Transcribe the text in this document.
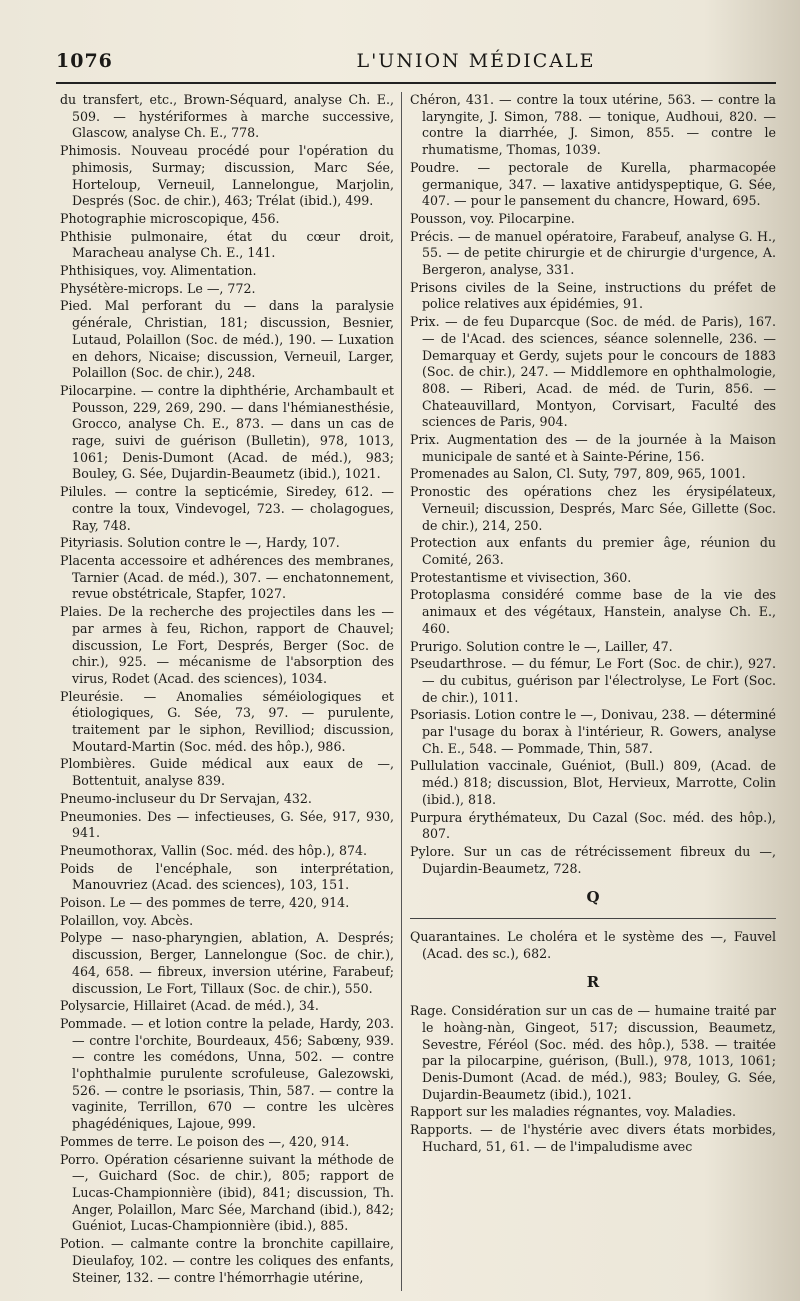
1076	L'UNION MÉDICALE

du transfert, etc., Brown-Séquard, analyse Ch. E., 509. — hystériformes à marche successive, Glascow, analyse Ch. E., 778.

Phimosis. Nouveau procédé pour l'opération du phimosis, Surmay; discussion, Marc Sée, Horteloup, Verneuil, Lannelongue, Marjolin, Després (Soc. de chir.), 463; Trélat (ibid.), 499.

Photographie microscopique, 456.

Phthisie pulmonaire, état du cœur droit, Maracheau analyse Ch. E., 141.

Phthisiques, voy. Alimentation.

Physétère-microps. Le —, 772.

Pied. Mal perforant du — dans la paralysie générale, Christian, 181; discussion, Besnier, Lutaud, Polaillon (Soc. de méd.), 190. — Luxation en dehors, Nicaise; discussion, Verneuil, Larger, Polaillon (Soc. de chir.), 248.

Pilocarpine. — contre la diphthérie, Archambault et Pousson, 229, 269, 290. — dans l'hémianesthésie, Grocco, analyse Ch. E., 873. — dans un cas de rage, suivi de guérison (Bulletin), 978, 1013, 1061; Denis-Dumont (Acad. de méd.), 983; Bouley, G. Sée, Dujardin-Beaumetz (ibid.), 1021.

Pilules. — contre la septicémie, Siredey, 612. — contre la toux, Vindevogel, 723. — cholagogues, Ray, 748.

Pityriasis. Solution contre le —, Hardy, 107.

Placenta accessoire et adhérences des membranes, Tarnier (Acad. de méd.), 307. — enchatonnement, revue obstétricale, Stapfer, 1027.

Plaies. De la recherche des projectiles dans les — par armes à feu, Richon, rapport de Chauvel; discussion, Le Fort, Després, Berger (Soc. de chir.), 925. — mécanisme de l'absorption des virus, Rodet (Acad. des sciences), 1034.

Pleurésie. — Anomalies séméiologiques et étiologiques, G. Sée, 73, 97. — purulente, traitement par le siphon, Revilliod; discussion, Moutard-Martin (Soc. méd. des hôp.), 986.

Plombières. Guide médical aux eaux de —, Bottentuit, analyse 839.

Pneumo-incluseur du Dr Servajan, 432.

Pneumonies. Des — infectieuses, G. Sée, 917, 930, 941.

Pneumothorax, Vallin (Soc. méd. des hôp.), 874.

Poids de l'encéphale, son interprétation, Manouvriez (Acad. des sciences), 103, 151.

Poison. Le — des pommes de terre, 420, 914.

Polaillon, voy. Abcès.

Polype — naso-pharyngien, ablation, A. Després; discussion, Berger, Lannelongue (Soc. de chir.), 464, 658. — fibreux, inversion utérine, Farabeuf; discussion, Le Fort, Tillaux (Soc. de chir.), 550.

Polysarcie, Hillairet (Acad. de méd.), 34.

Pommade. — et lotion contre la pelade, Hardy, 203. — contre l'orchite, Bourdeaux, 456; Sabœny, 939. — contre les comédons, Unna, 502. — contre l'ophthalmie purulente scrofuleuse, Galezowski, 526. — contre le psoriasis, Thin, 587. — contre la vaginite, Terrillon, 670 — contre les ulcères phagédéniques, Lajoue, 999.

Pommes de terre. Le poison des —, 420, 914.

Porro. Opération césarienne suivant la méthode de —, Guichard (Soc. de chir.), 805; rapport de Lucas-Championnière (ibid), 841; discussion, Th. Anger, Polaillon, Marc Sée, Marchand (ibid.), 842; Guéniot, Lucas-Championnière (ibid.), 885.

Potion. — calmante contre la bronchite capillaire, Dieulafoy, 102. — contre les coliques des enfants, Steiner, 132. — contre l'hémorrhagie utérine,

Chéron, 431. — contre la toux utérine, 563. — contre la laryngite, J. Simon, 788. — tonique, Audhoui, 820. — contre la diarrhée, J. Simon, 855. — contre le rhumatisme, Thomas, 1039.

Poudre. — pectorale de Kurella, pharmacopée germanique, 347. — laxative antidyspeptique, G. Sée, 407. — pour le pansement du chancre, Howard, 695.

Pousson, voy. Pilocarpine.

Précis. — de manuel opératoire, Farabeuf, analyse G. H., 55. — de petite chirurgie et de chirurgie d'urgence, A. Bergeron, analyse, 331.

Prisons civiles de la Seine, instructions du préfet de police relatives aux épidémies, 91.

Prix. — de feu Duparcque (Soc. de méd. de Paris), 167. — de l'Acad. des sciences, séance solennelle, 236. — Demarquay et Gerdy, sujets pour le concours de 1883 (Soc. de chir.), 247. — Middlemore en ophthalmologie, 808. — Riberi, Acad. de méd. de Turin, 856. — Chateauvillard, Montyon, Corvisart, Faculté des sciences de Paris, 904.

Prix. Augmentation des — de la journée à la Maison municipale de santé et à Sainte-Périne, 156.

Promenades au Salon, Cl. Suty, 797, 809, 965, 1001.

Pronostic des opérations chez les érysipélateux, Verneuil; discussion, Després, Marc Sée, Gillette (Soc. de chir.), 214, 250.

Protection aux enfants du premier âge, réunion du Comité, 263.

Protestantisme et vivisection, 360.

Protoplasma considéré comme base de la vie des animaux et des végétaux, Hanstein, analyse Ch. E., 460.

Prurigo. Solution contre le —, Lailler, 47.

Pseudarthrose. — du fémur, Le Fort (Soc. de chir.), 927. — du cubitus, guérison par l'électrolyse, Le Fort (Soc. de chir.), 1011.

Psoriasis. Lotion contre le —, Donivau, 238. — déterminé par l'usage du borax à l'intérieur, R. Gowers, analyse Ch. E., 548. — Pommade, Thin, 587.

Pullulation vaccinale, Guéniot, (Bull.) 809, (Acad. de méd.) 818; discussion, Blot, Hervieux, Marrotte, Colin (ibid.), 818.

Purpura érythémateux, Du Cazal (Soc. méd. des hôp.), 807.

Pylore. Sur un cas de rétrécissement fibreux du —, Dujardin-Beaumetz, 728.

Q

Quarantaines. Le choléra et le système des —, Fauvel (Acad. des sc.), 682.

R

Rage. Considération sur un cas de — humaine traité par le hoàng-nàn, Gingeot, 517; discussion, Beaumetz, Sevestre, Féréol (Soc. méd. des hôp.), 538. — traitée par la pilocarpine, guérison, (Bull.), 978, 1013, 1061; Denis-Dumont (Acad. de méd.), 983; Bouley, G. Sée, Dujardin-Beaumetz (ibid.), 1021.

Rapport sur les maladies régnantes, voy. Maladies.

Rapports. — de l'hystérie avec divers états morbides, Huchard, 51, 61. — de l'impaludisme avec
